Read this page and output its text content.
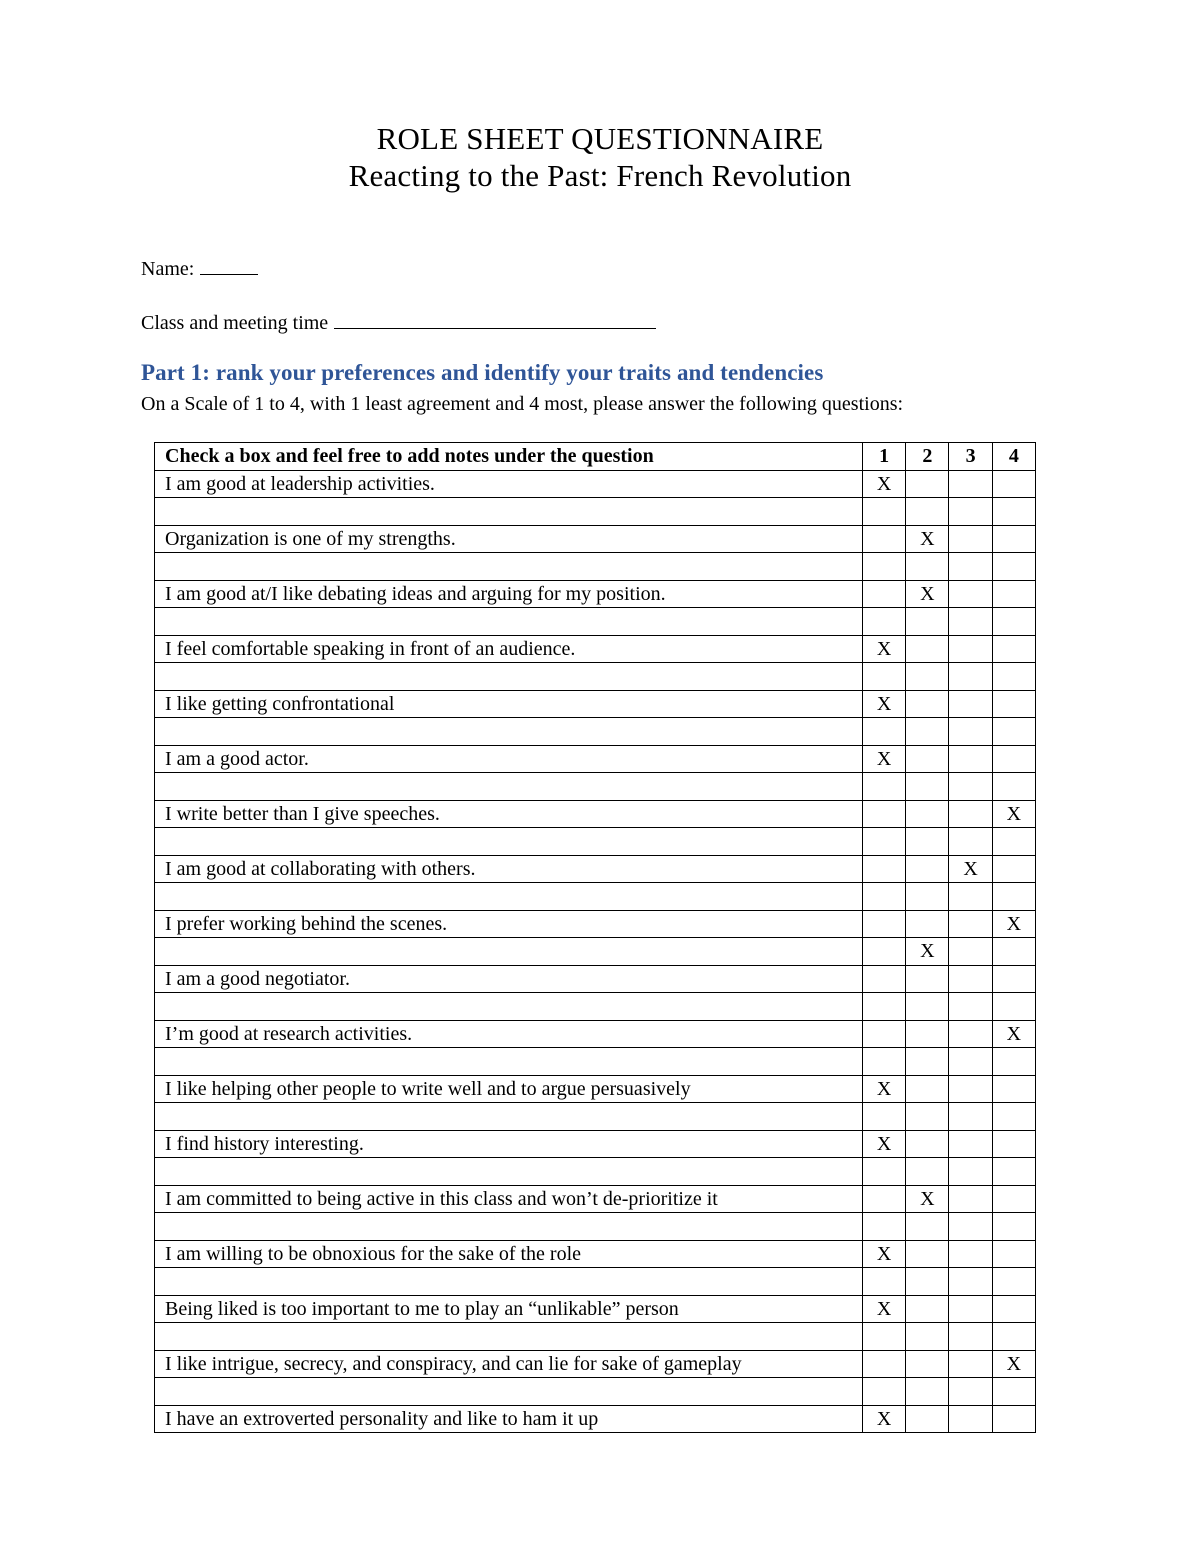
ROLE SHEET QUESTIONNAIRE
Reacting to the Past: French Revolution
Name:
Class and meeting time
Part 1: rank your preferences and identify your traits and tendencies
On a Scale of 1 to 4, with 1 least agreement and 4 most, please answer the following questions:
Check a box and feel free to add notes under the question	1	2	3	4
I am good at leadership activities.	X			

Organization is one of my strengths.		X		

I am good at/I like debating ideas and arguing for my position.		X		

I feel comfortable speaking in front of an audience.	X			

I like getting confrontational	X			

I am a good actor.	X			

I write better than I give speeches.				X

I am good at collaborating with others.			X	

I prefer working behind the scenes.				X
		X		
I am a good negotiator.				

I’m good at research activities.				X

I like helping other people to write well and to argue persuasively	X			

I find history interesting.	X			

I am committed to being active in this class and won’t de-prioritize it		X		

I am willing to be obnoxious for the sake of the role	X			

Being liked is too important to me to play an “unlikable” person	X			

I like intrigue, secrecy, and conspiracy, and can lie for sake of gameplay				X

I have an extroverted personality and like to ham it up	X			
